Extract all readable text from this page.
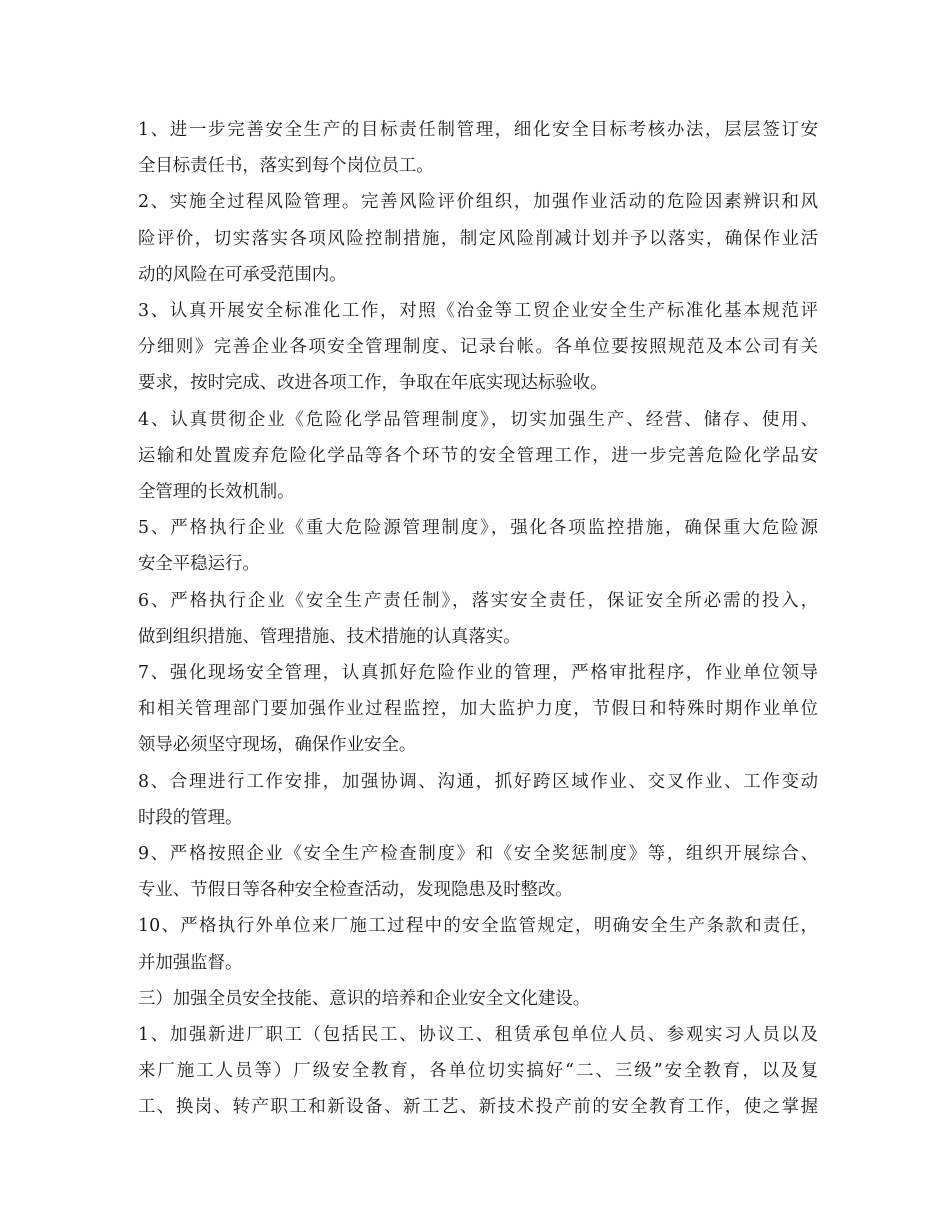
1、进一步完善安全生产的目标责任制管理，细化安全目标考核办法，层层签订安
全目标责任书，落实到每个岗位员工。
2、实施全过程风险管理。完善风险评价组织，加强作业活动的危险因素辨识和风
险评价，切实落实各项风险控制措施，制定风险削减计划并予以落实，确保作业活
动的风险在可承受范围内。
3、认真开展安全标准化工作，对照《冶金等工贸企业安全生产标准化基本规范评
分细则》完善企业各项安全管理制度、记录台帐。各单位要按照规范及本公司有关
要求，按时完成、改进各项工作，争取在年底实现达标验收。
4、认真贯彻企业《危险化学品管理制度》，切实加强生产、经营、储存、使用、
运输和处置废弃危险化学品等各个环节的安全管理工作，进一步完善危险化学品安
全管理的长效机制。
5、严格执行企业《重大危险源管理制度》，强化各项监控措施，确保重大危险源
安全平稳运行。
6、严格执行企业《安全生产责任制》，落实安全责任，保证安全所必需的投入，
做到组织措施、管理措施、技术措施的认真落实。
7、强化现场安全管理，认真抓好危险作业的管理，严格审批程序，作业单位领导
和相关管理部门要加强作业过程监控，加大监护力度，节假日和特殊时期作业单位
领导必须坚守现场，确保作业安全。
8、合理进行工作安排，加强协调、沟通，抓好跨区域作业、交叉作业、工作变动
时段的管理。
9、严格按照企业《安全生产检查制度》和《安全奖惩制度》等，组织开展综合、
专业、节假日等各种安全检查活动，发现隐患及时整改。
10、严格执行外单位来厂施工过程中的安全监管规定，明确安全生产条款和责任，
并加强监督。
三）加强全员安全技能、意识的培养和企业安全文化建设。
1、加强新进厂职工（包括民工、协议工、租赁承包单位人员、参观实习人员以及
来厂施工人员等）厂级安全教育，各单位切实搞好“二、三级”安全教育，以及复
工、换岗、转产职工和新设备、新工艺、新技术投产前的安全教育工作，使之掌握
